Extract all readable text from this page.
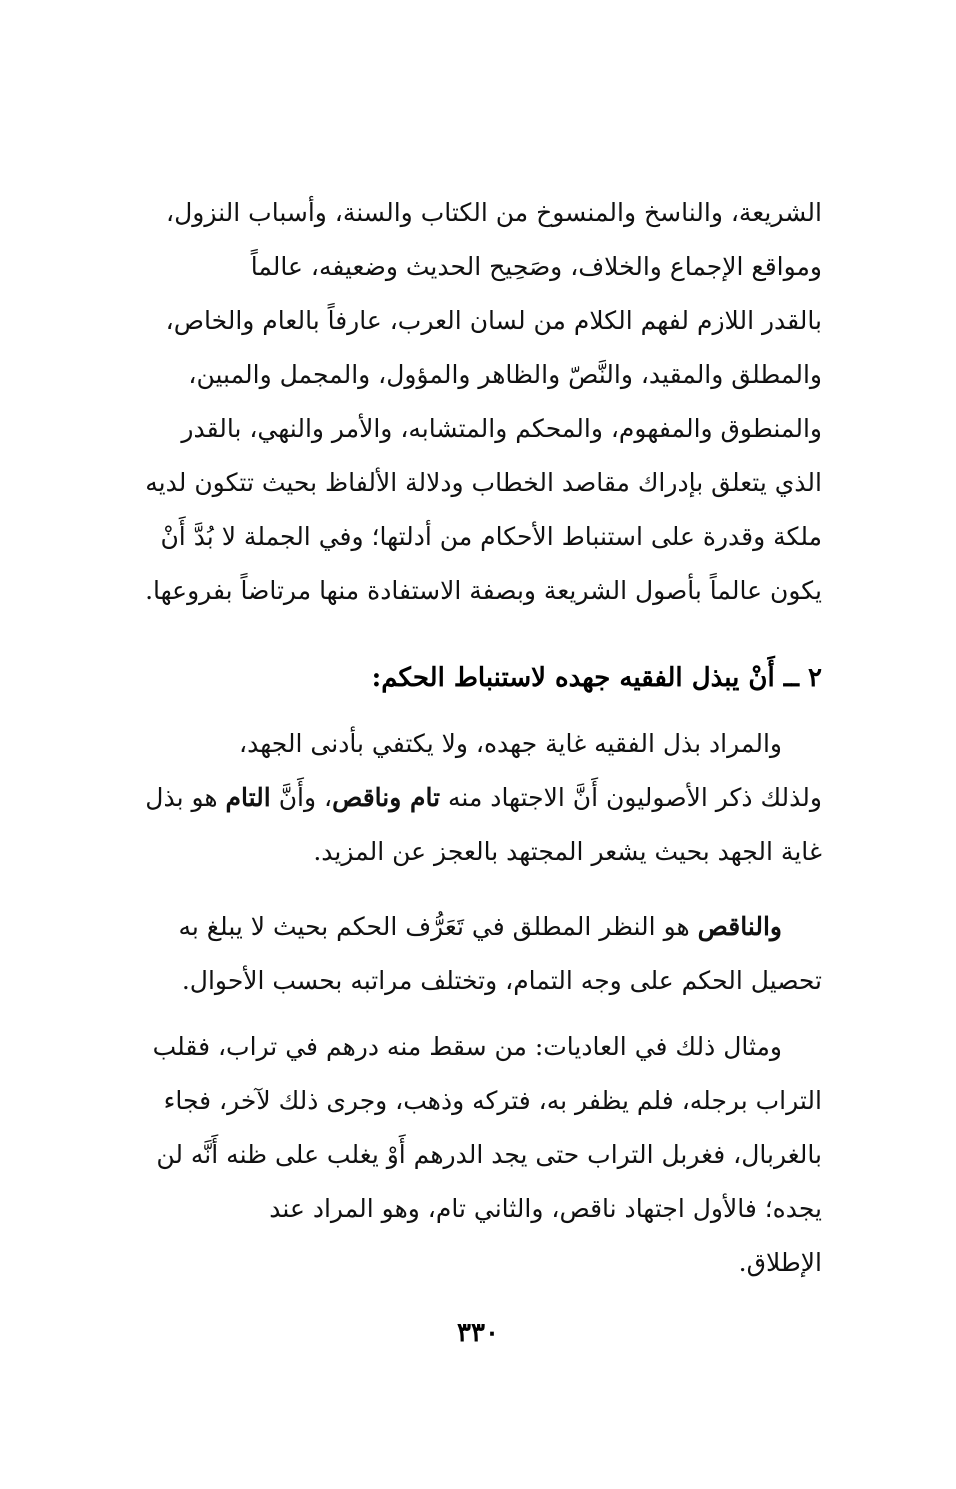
الشريعة، والناسخ والمنسوخ من الكتاب والسنة، وأسباب النزول،
ومواقع الإجماع والخلاف، وصَحِيح الحديث وضعيفه، عالماً
بالقدر اللازم لفهم الكلام من لسان العرب، عارفاً بالعام والخاص،
والمطلق والمقيد، والنَّصّ والظاهر والمؤول، والمجمل والمبين،
والمنطوق والمفهوم، والمحكم والمتشابه، والأمر والنهي، بالقدر
الذي يتعلق بإدراك مقاصد الخطاب ودلالة الألفاظ بحيث تتكون لديه
ملكة وقدرة على استنباط الأحكام من أدلتها؛ وفي الجملة لا بُدَّ أَنْ
يكون عالماً بأصول الشريعة وبصفة الاستفادة منها مرتاضاً بفروعها.
٢ ــ أَنْ يبذل الفقيه جهده لاستنباط الحكم:
والمراد بذل الفقيه غاية جهده، ولا يكتفي بأدنى الجهد،
ولذلك ذكر الأصوليون أَنَّ الاجتهاد منه تام وناقص، وأَنَّ التام هو بذل
غاية الجهد بحيث يشعر المجتهد بالعجز عن المزيد.
والناقص هو النظر المطلق في تَعَرُّف الحكم بحيث لا يبلغ به
تحصيل الحكم على وجه التمام، وتختلف مراتبه بحسب الأحوال.
ومثال ذلك في العاديات: من سقط منه درهم في تراب، فقلب
التراب برجله، فلم يظفر به، فتركه وذهب، وجرى ذلك لآخر، فجاء
بالغربال، فغربل التراب حتى يجد الدرهم أَوْ يغلب على ظنه أَنَّه لن
يجده؛ فالأول اجتهاد ناقص، والثاني تام، وهو المراد عند
الإطلاق.
٣٣٠
